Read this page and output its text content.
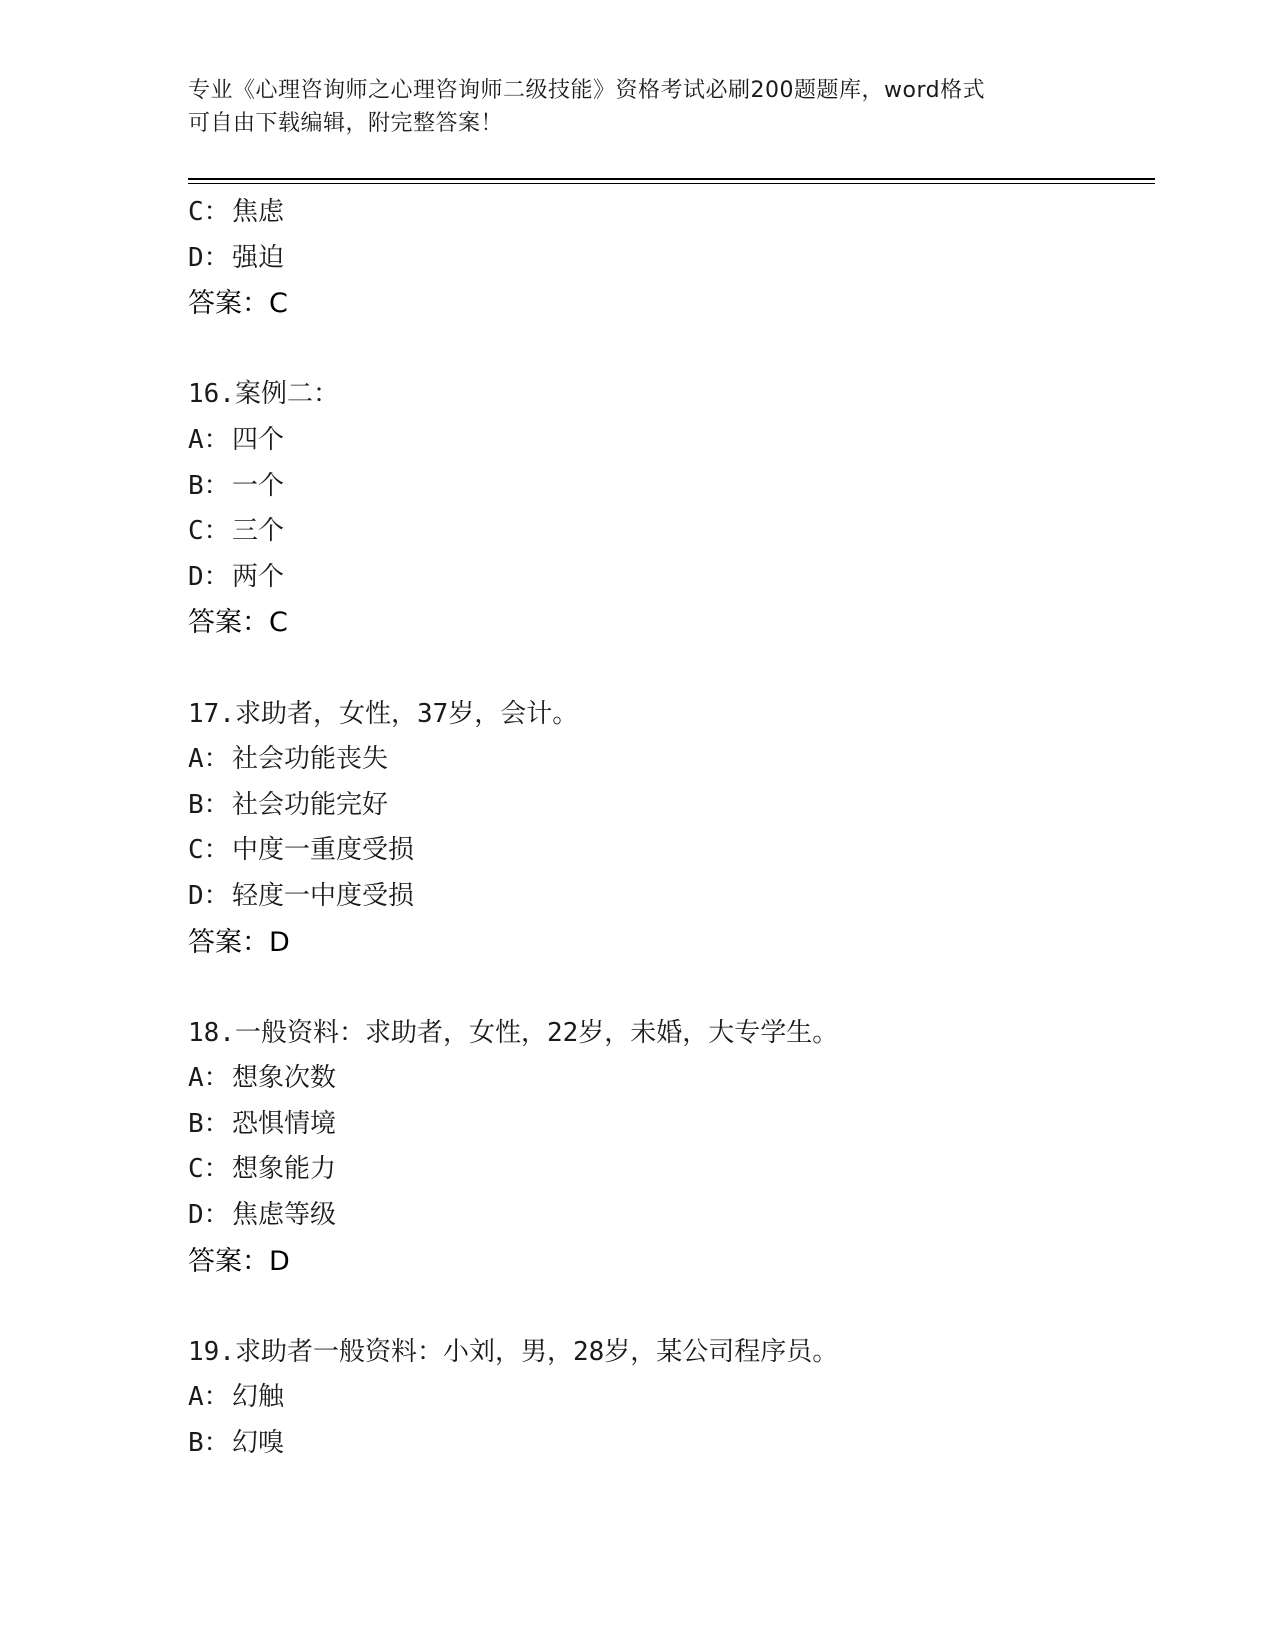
专业《心理咨询师之心理咨询师二级技能》资格考试必刷200题题库，word格式
可自由下载编辑，附完整答案！
C：焦虑
D：强迫
答案：C
16.案例二：
A：四个
B：一个
C：三个
D：两个
答案：C
17.求助者，女性，37岁，会计。
A：社会功能丧失
B：社会功能完好
C：中度一重度受损
D：轻度一中度受损
答案：D
18.一般资料：求助者，女性，22岁，未婚，大专学生。
A：想象次数
B：恐惧情境
C：想象能力
D：焦虑等级
答案：D
19.求助者一般资料：小刘，男，28岁，某公司程序员。
A：幻触
B：幻嗅
